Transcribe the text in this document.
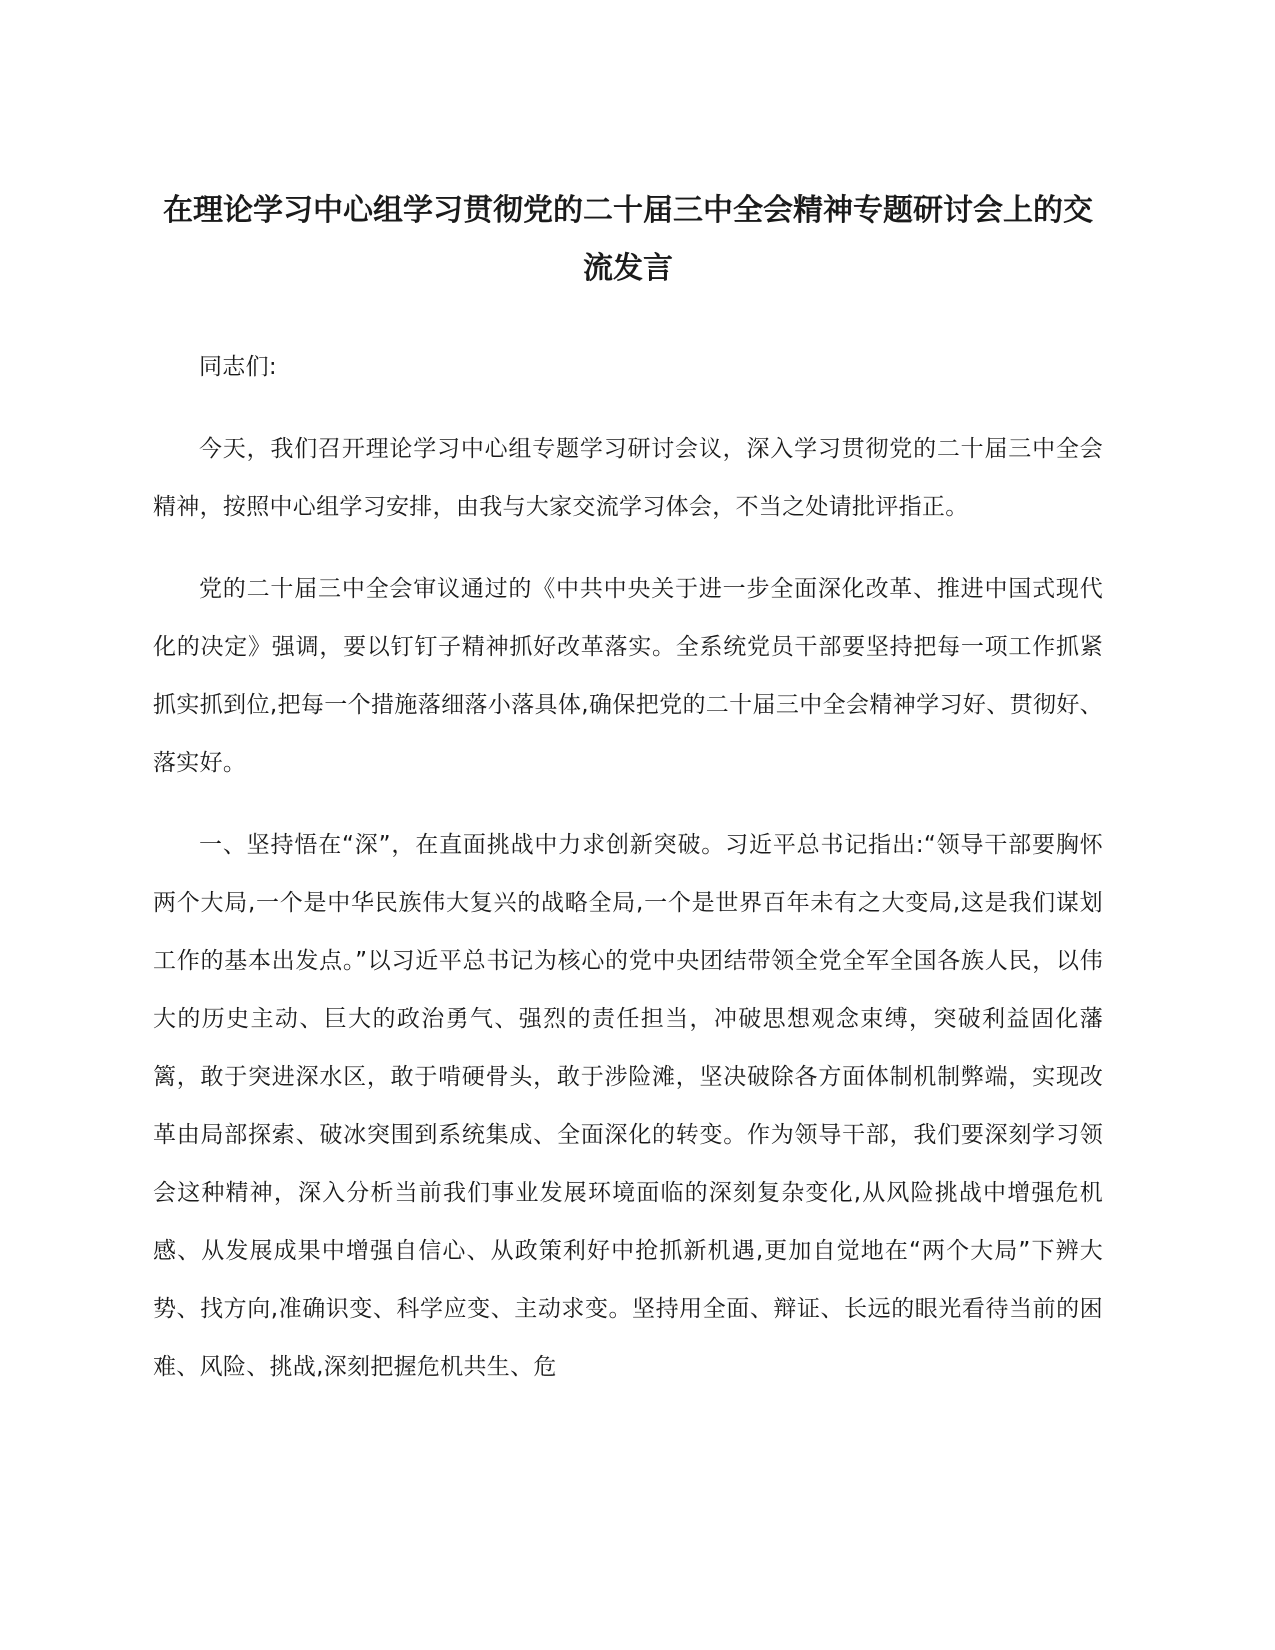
在理论学习中心组学习贯彻党的二十届三中全会精神专题研讨会上的交流发言

同志们:

今天，我们召开理论学习中心组专题学习研讨会议，深入学习贯彻党的二十届三中全会精神，按照中心组学习安排，由我与大家交流学习体会，不当之处请批评指正。

党的二十届三中全会审议通过的《中共中央关于进一步全面深化改革、推进中国式现代化的决定》强调，要以钉钉子精神抓好改革落实。全系统党员干部要坚持把每一项工作抓紧抓实抓到位,把每一个措施落细落小落具体,确保把党的二十届三中全会精神学习好、贯彻好、落实好。

一、坚持悟在“深”，在直面挑战中力求创新突破。习近平总书记指出:“领导干部要胸怀两个大局,一个是中华民族伟大复兴的战略全局,一个是世界百年未有之大变局,这是我们谋划工作的基本出发点。”以习近平总书记为核心的党中央团结带领全党全军全国各族人民，以伟大的历史主动、巨大的政治勇气、强烈的责任担当，冲破思想观念束缚，突破利益固化藩篱，敢于突进深水区，敢于啃硬骨头，敢于涉险滩，坚决破除各方面体制机制弊端，实现改革由局部探索、破冰突围到系统集成、全面深化的转变。作为领导干部，我们要深刻学习领会这种精神，深入分析当前我们事业发展环境面临的深刻复杂变化,从风险挑战中增强危机感、从发展成果中增强自信心、从政策利好中抢抓新机遇,更加自觉地在“两个大局”下辨大势、找方向,准确识变、科学应变、主动求变。坚持用全面、辩证、长远的眼光看待当前的困难、风险、挑战,深刻把握危机共生、危
